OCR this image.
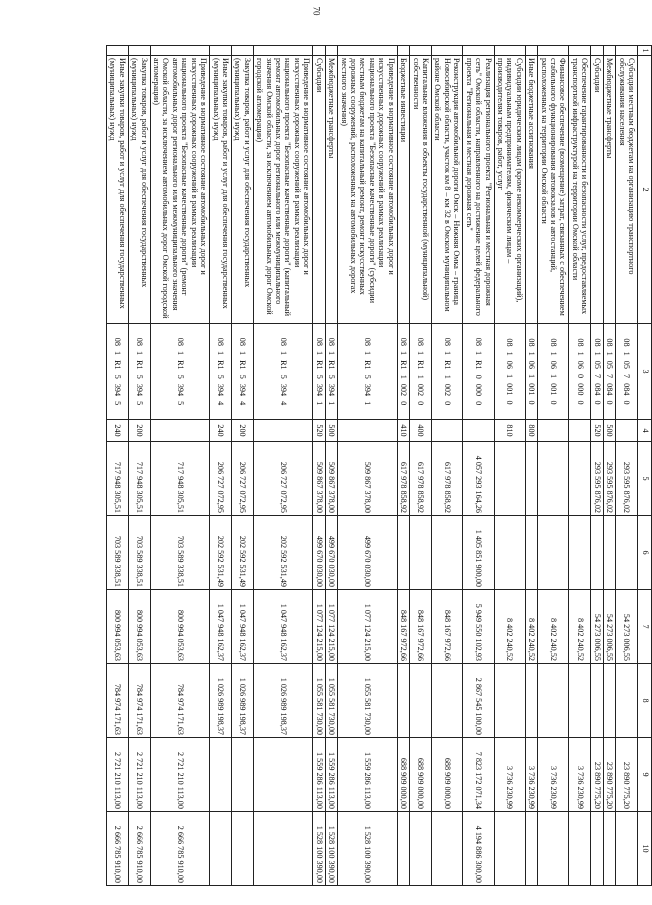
70
1	2	3	4	5	6	7	8	9	10
	Субсидии местным бюджетам на организацию транспортного обслуживания населения	08 1 05 7 084 0		293 595 876,02		54 273 006,55		23 890 775,20	
	Межбюджетные трансферты	08 1 05 7 084 0	500	293 595 876,02		54 273 006,55		23 890 775,20	
	Субсидии	08 1 05 7 084 0	520	293 595 876,02		54 273 006,55		23 890 775,20	
	Обеспечение гарантированности и безопасности услуг, предоставляемых транспортной инфраструктурой на территории Омской области	08 1 06 0 000 0				8 402 240,52		3 736 230,99	
	Финансовое обеспечение (возмещение) затрат, связанных с обеспечением стабильного функционирования автовокзалов и автостанций, расположенных на территории Омской области	08 1 06 1 001 0				8 402 240,52		3 736 230,99	
	Иные бюджетные ассигнования	08 1 06 1 001 0	800			8 402 240,52		3 736 230,99	
	Субсидии юридическим лицам (кроме некоммерческих организаций), индивидуальным предпринимателям, физическим лицам – производителям товаров, работ, услуг	08 1 06 1 001 0	810			8 402 240,52		3 736 230,99	
	Реализация регионального проекта "Региональная и местная дорожная сеть" Омской области, направленного на достижение целей федерального проекта "Региональная и местная дорожная сеть"	08 1 R1 0 000 0		4 057 293 164,26	1 405 851 900,00	5 949 550 102,93	2 867 545 100,00	7 823 172 071,34	4 194 886 300,00
	Реконструкция автомобильной дороги Омск – Нижняя Омка – граница Новосибирской области, участок км 8 – км 32 в Омском муниципальном районе Омской области	08 1 R1 1 002 0		617 978 858,92		848 167 972,66		688 909 000,00	
	Капитальные вложения в объекты государственной (муниципальной) собственности	08 1 R1 1 002 0	400	617 978 858,92		848 167 972,66		688 909 000,00	
	Бюджетные инвестиции	08 1 R1 1 002 0	410	617 978 858,92		848 167 972,66		688 909 000,00	
	Приведение в нормативное состояние автомобильных дорог и искусственных дорожных сооружений в рамках реализации национального проекта "Безопасные качественные дороги" (субсидии местным бюджетам на капитальный ремонт, ремонт искусственных дорожных сооружений, расположенных на автомобильных дорогах местного значения)	08 1 R1 5 394 1		509 867 378,00	499 670 030,00	1 077 124 215,00	1 055 581 730,00	1 559 286 113,00	1 528 100 390,00
	Межбюджетные трансферты	08 1 R1 5 394 1	500	509 867 378,00	499 670 030,00	1 077 124 215,00	1 055 581 730,00	1 559 286 113,00	1 528 100 390,00
	Субсидии	08 1 R1 5 394 1	520	509 867 378,00	499 670 030,00	1 077 124 215,00	1 055 581 730,00	1 559 286 113,00	1 528 100 390,00
	Приведение в нормативное состояние автомобильных дорог и искусственных дорожных сооружений в рамках реализации национального проекта "Безопасные качественные дороги" (капитальный ремонт автомобильных дорог регионального или межмуниципального значения Омской области, за исключением автомобильных дорог Омской городской агломерации)	08 1 R1 5 394 4		206 727 072,95	202 592 531,49	1 047 948 162,37	1 026 989 198,37		
	Закупка товаров, работ и услуг для обеспечения государственных (муниципальных) нужд	08 1 R1 5 394 4	200	206 727 072,95	202 592 531,49	1 047 948 162,37	1 026 989 198,37		
	Иные закупки товаров, работ и услуг для обеспечения государственных (муниципальных) нужд	08 1 R1 5 394 4	240	206 727 072,95	202 592 531,49	1 047 948 162,37	1 026 989 198,37		
	Приведение в нормативное состояние автомобильных дорог и искусственных дорожных сооружений в рамках реализации национального проекта "Безопасные качественные дороги" (ремонт автомобильных дорог регионального или межмуниципального значения Омской области, за исключением автомобильных дорог Омской городской агломерации)	08 1 R1 5 394 5		717 948 305,51	703 589 338,51	800 994 053,63	784 974 171,63	2 721 210 113,00	2 666 785 910,00
	Закупка товаров, работ и услуг для обеспечения государственных (муниципальных) нужд	08 1 R1 5 394 5	200	717 948 305,51	703 589 338,51	800 994 053,63	784 974 171,63	2 721 210 113,00	2 666 785 910,00
	Иные закупки товаров, работ и услуг для обеспечения государственных (муниципальных) нужд	08 1 R1 5 394 5	240	717 948 305,51	703 589 338,51	800 994 053,63	784 974 171,63	2 721 210 113,00	2 666 785 910,00
